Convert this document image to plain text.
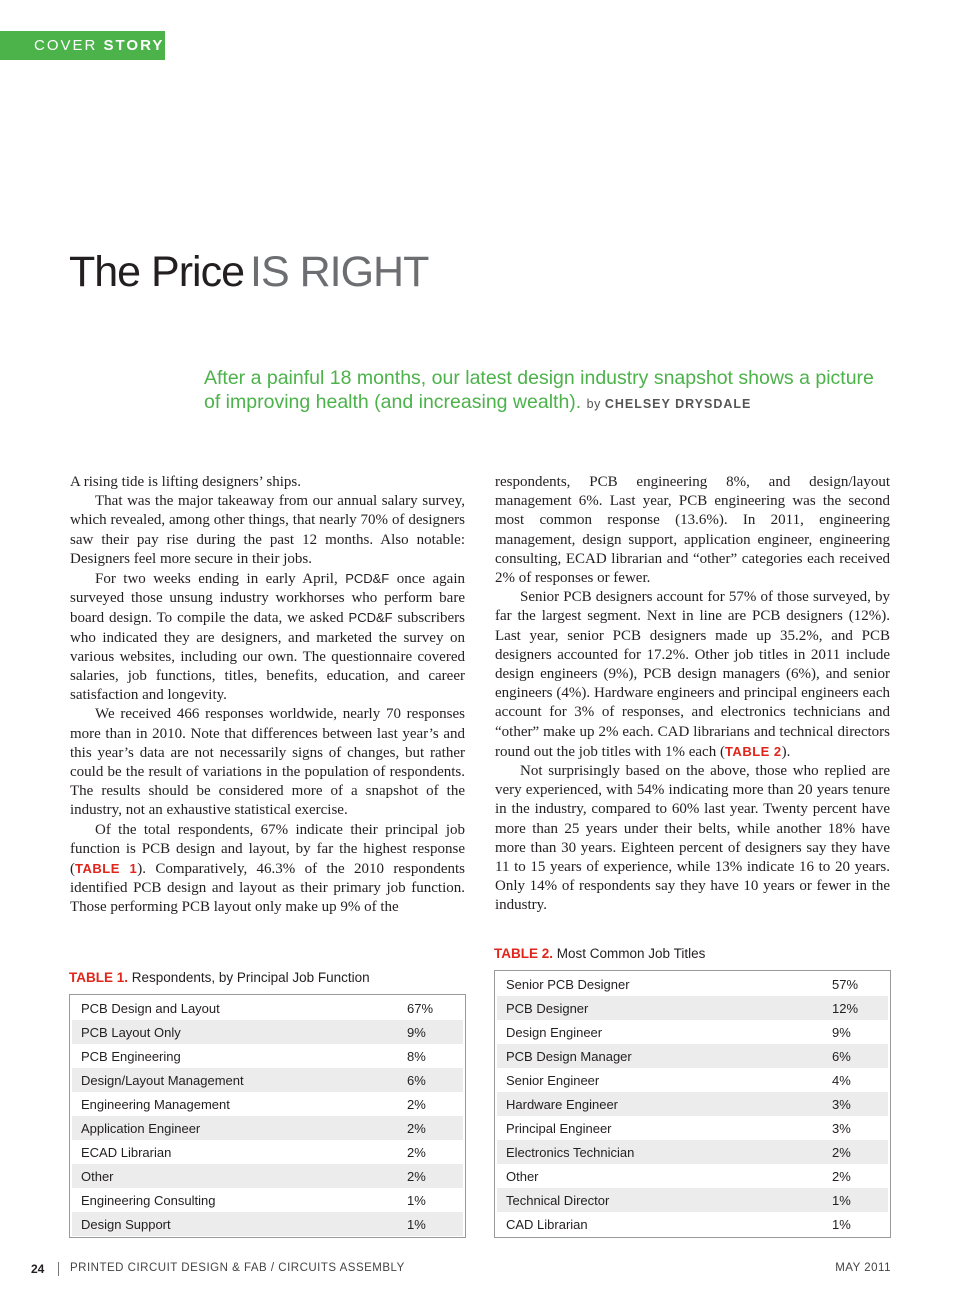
COVER STORY
The Price IS RIGHT
After a painful 18 months, our latest design industry snapshot shows a picture of improving health (and increasing wealth). by CHELSEY DRYSDALE

A rising tide is lifting designers’ ships.

That was the major takeaway from our annual salary survey, which revealed, among other things, that nearly 70% of designers saw their pay rise during the past 12 months. Also notable: Designers feel more secure in their jobs.

For two weeks ending in early April, PCD&F once again surveyed those unsung industry workhorses who perform bare board design. To compile the data, we asked PCD&F subscribers who indicated they are designers, and marketed the survey on various websites, including our own. The questionnaire covered salaries, job functions, titles, benefits, education, and career satisfaction and longevity.

We received 466 responses worldwide, nearly 70 responses more than in 2010. Note that differences between last year’s and this year’s data are not necessarily signs of changes, but rather could be the result of variations in the population of respondents. The results should be considered more of a snapshot of the industry, not an exhaustive statistical exercise.

Of the total respondents, 67% indicate their principal job function is PCB design and layout, by far the highest response (TABLE 1). Comparatively, 46.3% of the 2010 respondents identified PCB design and layout as their primary job function. Those performing PCB layout only make up 9% of the

respondents, PCB engineering 8%, and design/layout management 6%. Last year, PCB engineering was the second most common response (13.6%). In 2011, engineering management, design support, application engineer, engineering consulting, ECAD librarian and “other” categories each received 2% of responses or fewer.

Senior PCB designers account for 57% of those surveyed, by far the largest segment. Next in line are PCB designers (12%). Last year, senior PCB designers made up 35.2%, and PCB designers accounted for 17.2%. Other job titles in 2011 include design engineers (9%), PCB design managers (6%), and senior engineers (4%). Hardware engineers and principal engineers each account for 3% of responses, and electronics technicians and “other” make up 2% each. CAD librarians and technical directors round out the job titles with 1% each (TABLE 2).

Not surprisingly based on the above, those who replied are very experienced, with 54% indicating more than 20 years tenure in the industry, compared to 60% last year. Twenty percent have more than 25 years under their belts, while another 18% have more than 30 years. Eighteen percent of designers say they have 11 to 15 years of experience, while 13% indicate 16 to 20 years. Only 14% of respondents say they have 10 years or fewer in the industry.

TABLE 1. Respondents, by Principal Job Function
PCB Design and Layout	67%
PCB Layout Only	9%
PCB Engineering	8%
Design/Layout Management	6%
Engineering Management	2%
Application Engineer	2%
ECAD Librarian	2%
Other	2%
Engineering Consulting	1%
Design Support	1%
TABLE 2. Most Common Job Titles
Senior PCB Designer	57%
PCB Designer	12%
Design Engineer	9%
PCB Design Manager	6%
Senior Engineer	4%
Hardware Engineer	3%
Principal Engineer	3%
Electronics Technician	2%
Other	2%
Technical Director	1%
CAD Librarian	1%
24 PRINTED CIRCUIT DESIGN & FAB / CIRCUITS ASSEMBLY	MAY 2011
